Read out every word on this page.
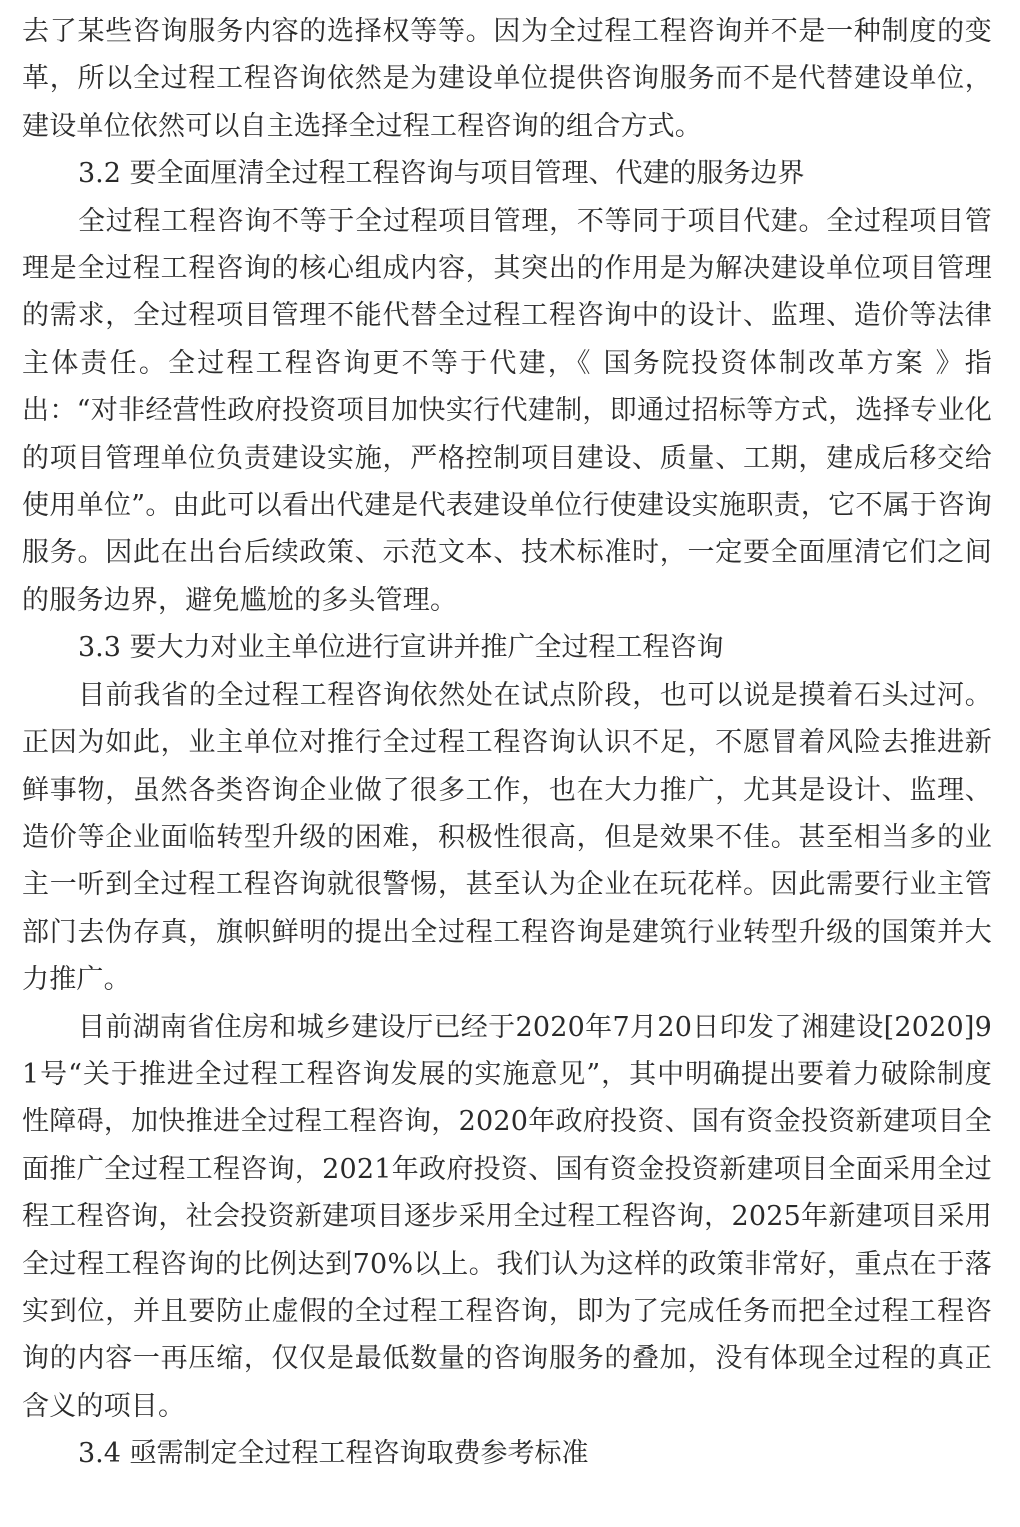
去了某些咨询服务内容的选择权等等。因为全过程工程咨询并不是一种制度的变革，所以全过程工程咨询依然是为建设单位提供咨询服务而不是代替建设单位，建设单位依然可以自主选择全过程工程咨询的组合方式。

3.2 要全面厘清全过程工程咨询与项目管理、代建的服务边界

全过程工程咨询不等于全过程项目管理，不等同于项目代建。全过程项目管理是全过程工程咨询的核心组成内容，其突出的作用是为解决建设单位项目管理的需求，全过程项目管理不能代替全过程工程咨询中的设计、监理、造价等法律主体责任。全过程工程咨询更不等于代建，《 国务院投资体制改革方案 》指出：“对非经营性政府投资项目加快实行代建制，即通过招标等方式，选择专业化的项目管理单位负责建设实施，严格控制项目建设、质量、工期，建成后移交给使用单位”。由此可以看出代建是代表建设单位行使建设实施职责，它不属于咨询服务。因此在出台后续政策、示范文本、技术标准时，一定要全面厘清它们之间的服务边界，避免尴尬的多头管理。

3.3 要大力对业主单位进行宣讲并推广全过程工程咨询

目前我省的全过程工程咨询依然处在试点阶段，也可以说是摸着石头过河。正因为如此，业主单位对推行全过程工程咨询认识不足，不愿冒着风险去推进新鲜事物，虽然各类咨询企业做了很多工作，也在大力推广，尤其是设计、监理、造价等企业面临转型升级的困难，积极性很高，但是效果不佳。甚至相当多的业主一听到全过程工程咨询就很警惕，甚至认为企业在玩花样。因此需要行业主管部门去伪存真，旗帜鲜明的提出全过程工程咨询是建筑行业转型升级的国策并大力推广。

目前湖南省住房和城乡建设厅已经于2020年7月20日印发了湘建设[2020]91号“关于推进全过程工程咨询发展的实施意见”，其中明确提出要着力破除制度性障碍，加快推进全过程工程咨询，2020年政府投资、国有资金投资新建项目全面推广全过程工程咨询，2021年政府投资、国有资金投资新建项目全面采用全过程工程咨询，社会投资新建项目逐步采用全过程工程咨询，2025年新建项目采用全过程工程咨询的比例达到70%以上。我们认为这样的政策非常好，重点在于落实到位，并且要防止虚假的全过程工程咨询，即为了完成任务而把全过程工程咨询的内容一再压缩，仅仅是最低数量的咨询服务的叠加，没有体现全过程的真正含义的项目。

3.4 亟需制定全过程工程咨询取费参考标准
